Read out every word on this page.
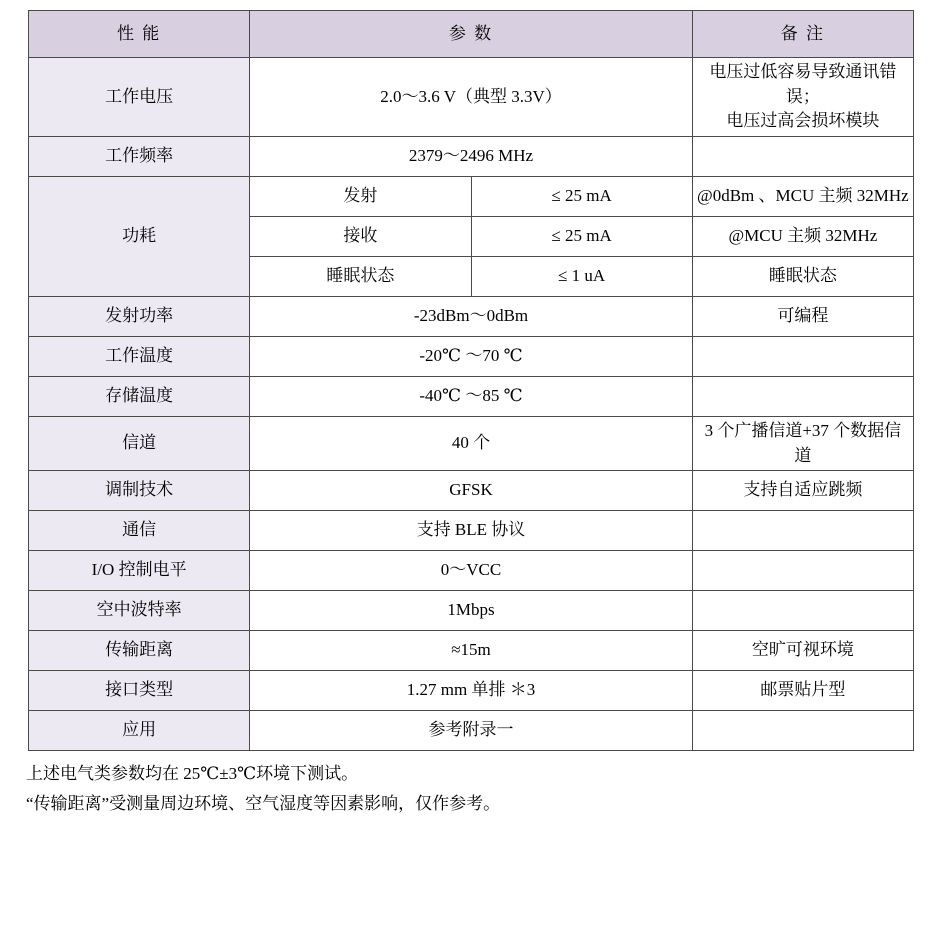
性 能	参 数		备 注
工作电压	2.0～3.6 V（典型 3.3V）		电压过低容易导致通讯错误；
电压过高会损坏模块

工作频率	2379～2496 MHz		
功耗	发射	≤ 25 mA	@0dBm 、MCU 主频 32MHz
	接收	≤ 25 mA	@MCU 主频 32MHz
	睡眠状态	≤ 1 uA	睡眠状态
发射功率	-23dBm～0dBm		可编程
工作温度	-20℃ ～70 ℃		
存储温度	-40℃ ～85 ℃		
信道	40 个		3 个广播信道+37 个数据信道
调制技术	GFSK		支持自适应跳频
通信	支持 BLE 协议		
I/O 控制电平	0～VCC		
空中波特率	1Mbps		
传输距离	≈15m		空旷可视环境
接口类型	1.27 mm 单排 ＊3		邮票贴片型
应用	参考附录一		
上述电气类参数均在 25℃±3℃环境下测试。
“传输距离”受测量周边环境、空气湿度等因素影响，仅作参考。
